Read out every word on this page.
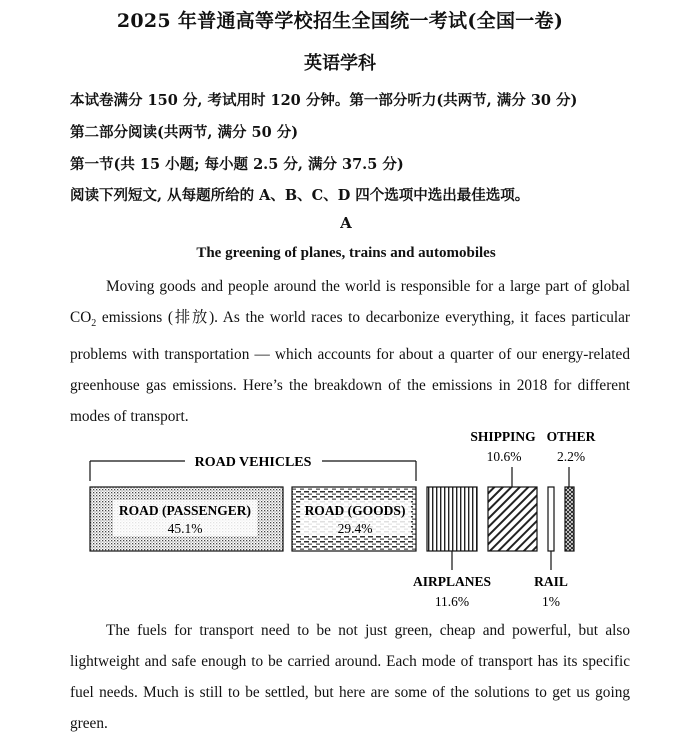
2025 年普通高等学校招生全国统一考试(全国一卷)
英语学科
本试卷满分 150 分, 考试用时 120 分钟。第一部分听力(共两节, 满分 30 分)
第二部分阅读(共两节, 满分 50 分)
第一节(共 15 小题; 每小题 2.5 分, 满分 37.5 分)
阅读下列短文, 从每题所给的 A、B、C、D 四个选项中选出最佳选项。
A
The greening of planes, trains and automobiles

Moving goods and people around the world is responsible for a large part of global $CO_2$ emissions (排放). As the world races to decarbonize everything, it faces particular problems with transportation — which accounts for about a quarter of our energy-related greenhouse gas emissions. Here’s the breakdown of the emissions in 2018 for different modes of transport.

ROAD VEHICLES
ROAD (PASSENGER)
45.1%
ROAD (GOODS)
29.4%
AIRPLANES
11.6%
SHIPPING
10.6%
RAIL
1%
OTHER
2.2%

The fuels for transport need to be not just green, cheap and powerful, but also lightweight and safe enough to be carried around. Each mode of transport has its specific fuel needs. Much is still to be settled, but here are some of the solutions to get us going green.
